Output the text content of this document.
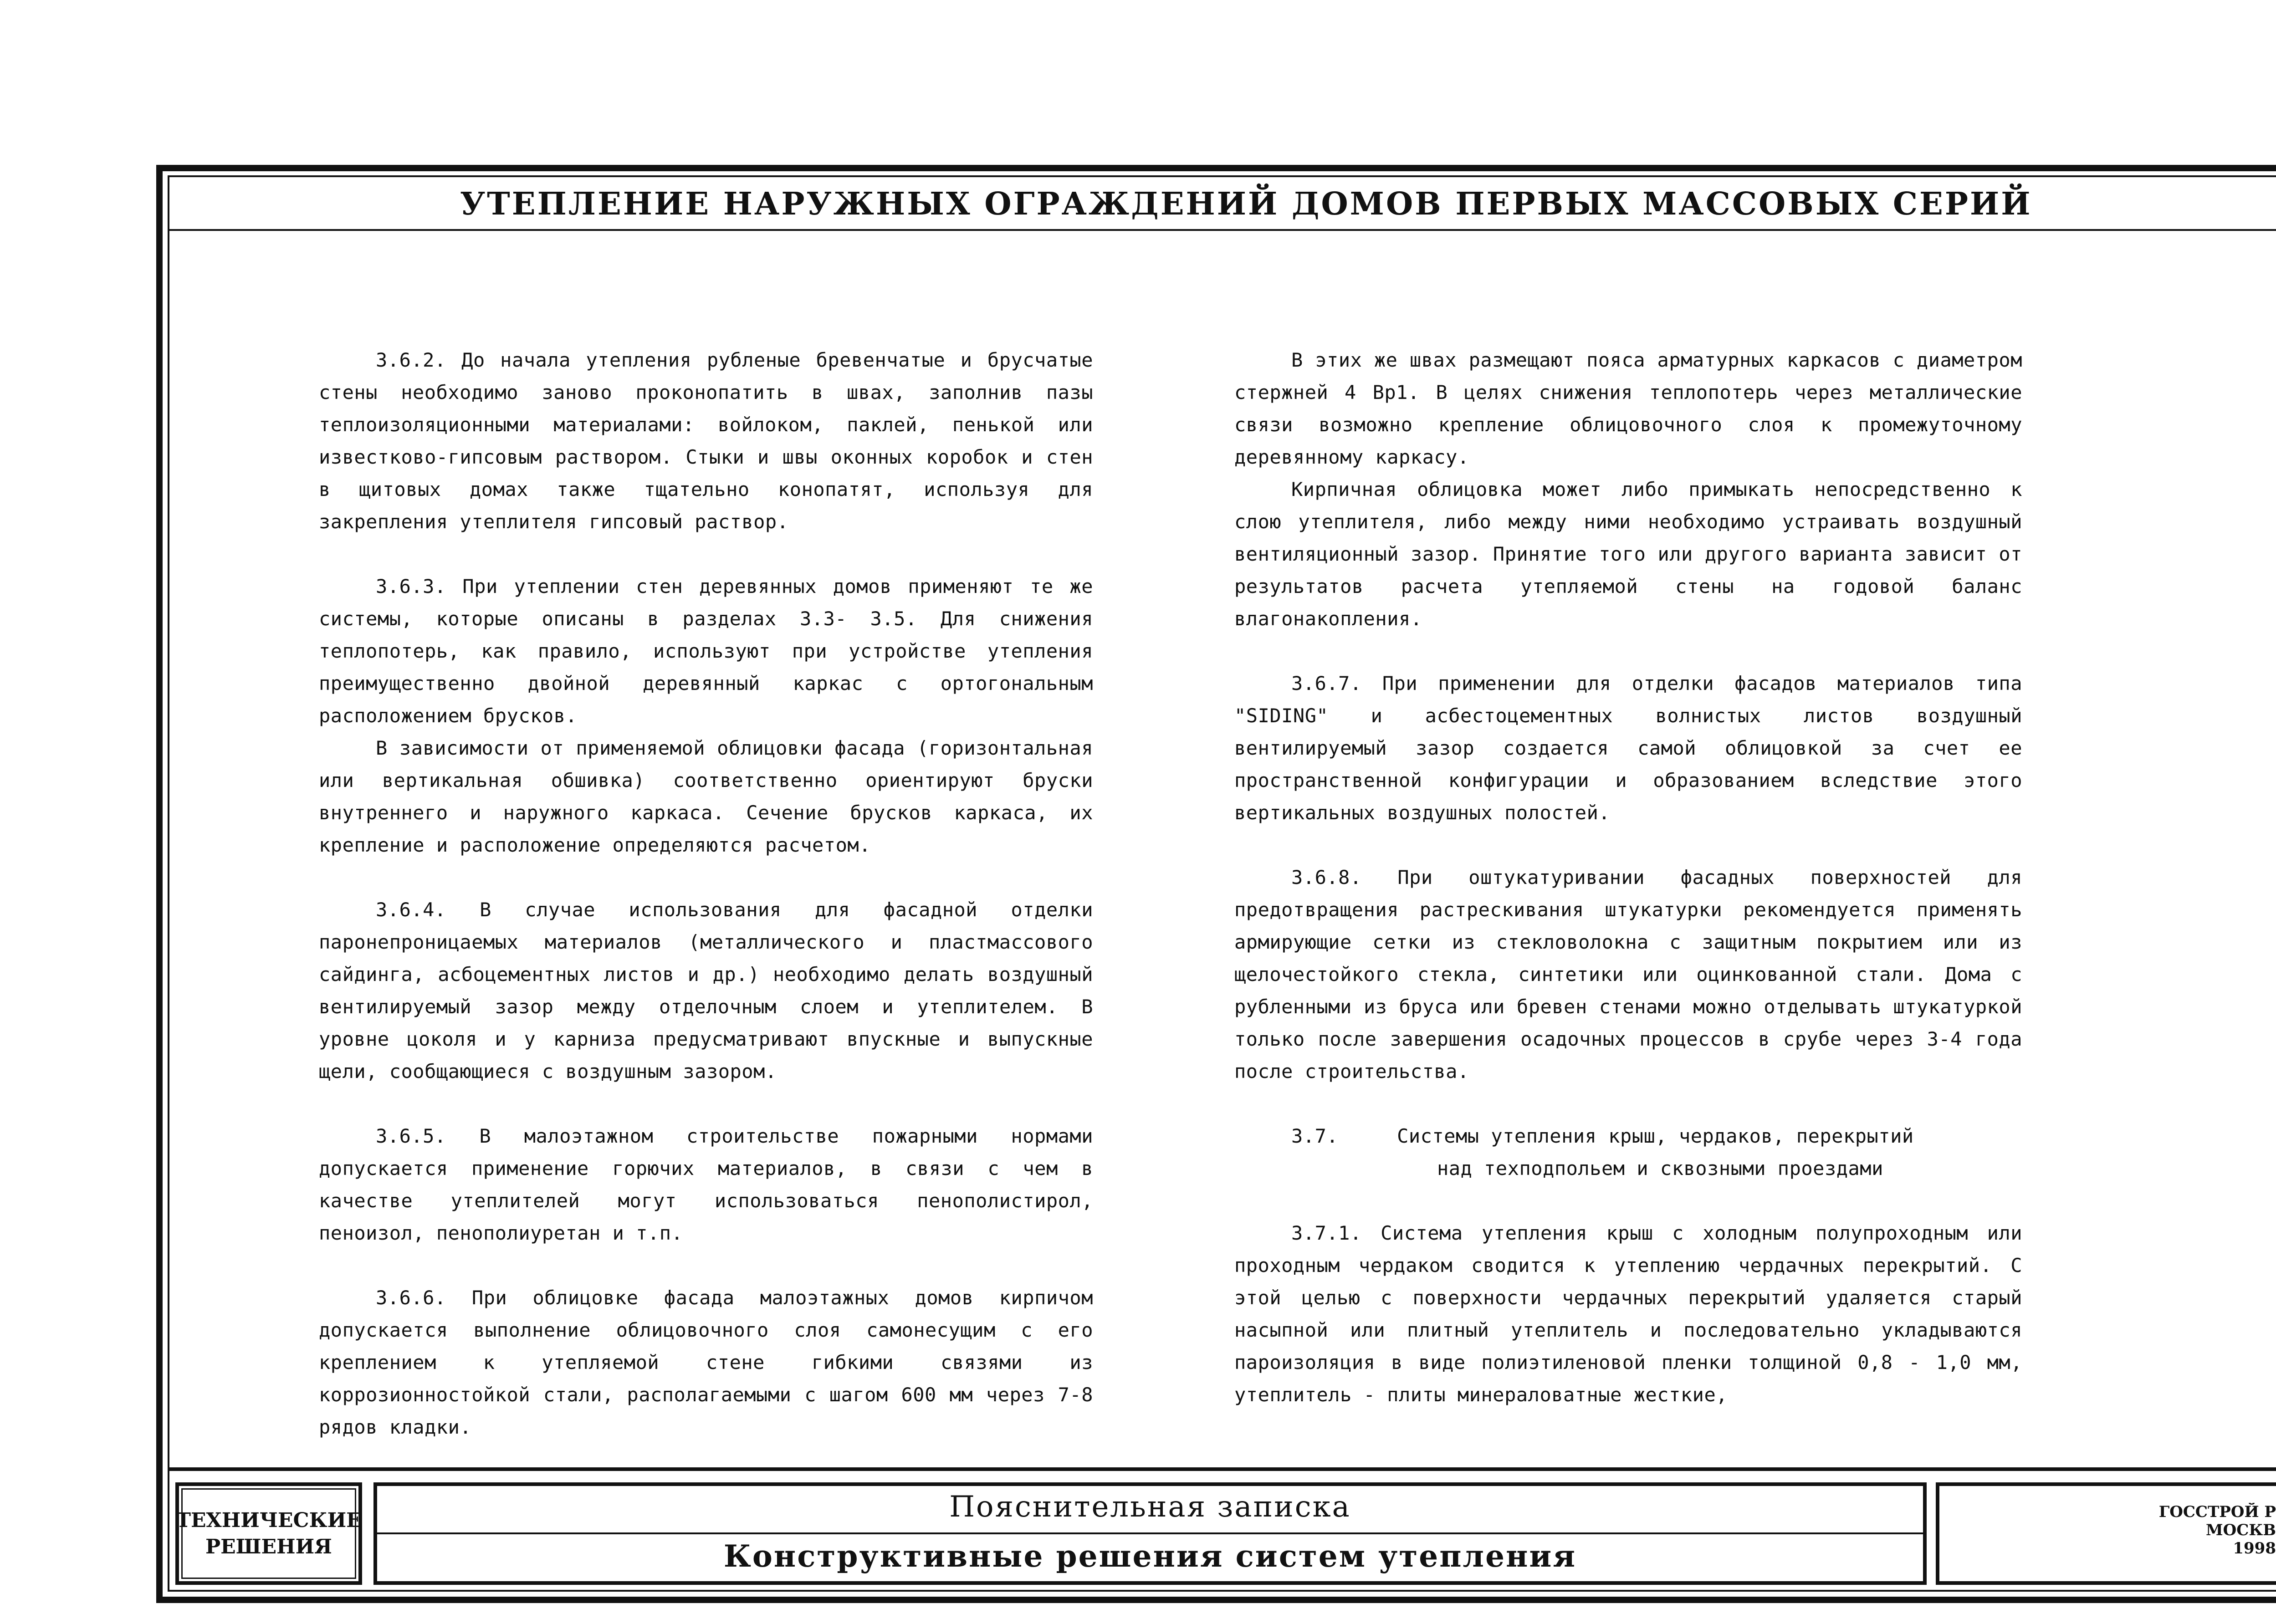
УТЕПЛЕНИЕ НАРУЖНЫХ ОГРАЖДЕНИЙ ДОМОВ ПЕРВЫХ МАССОВЫХ СЕРИЙ

3.6.2. До начала утепления рубленые бревенчатые и брусчатые стены необходимо заново проконопатить в швах, заполнив пазы теплоизоляционными материалами: войлоком, паклей, пенькой или известково-гипсовым раствором. Стыки и швы оконных коробок и стен в щитовых домах также тщательно конопатят, используя для закрепления утеплителя гипсовый раствор.

3.6.3. При утеплении стен деревянных домов применяют те же системы, которые описаны в разделах 3.3- 3.5. Для снижения теплопотерь, как правило, используют при устройстве утепления преимущественно двойной деревянный каркас с ортогональным расположением брусков.

В зависимости от применяемой облицовки фасада (горизонтальная или вертикальная обшивка) соответственно ориентируют бруски внутреннего и наружного каркаса. Сечение брусков каркаса, их крепление и расположение определяются расчетом.

3.6.4. В случае использования для фасадной отделки паронепроницаемых материалов (металлического и пластмассового сайдинга, асбоцементных листов и др.) необходимо делать воздушный вентилируемый зазор между отделочным слоем и утеплителем. В уровне цоколя и у карниза предусматривают впускные и выпускные щели, сообщающиеся с воздушным зазором.

3.6.5. В малоэтажном строительстве пожарными нормами допускается применение горючих материалов, в связи с чем в качестве утеплителей могут использоваться пенополистирол, пеноизол, пенополиуретан и т.п.

3.6.6. При облицовке фасада малоэтажных домов кирпичом допускается выполнение облицовочного слоя самонесущим с его креплением к утепляемой стене гибкими связями из коррозионностойкой стали, располагаемыми с шагом 600 мм через 7-8 рядов кладки.

В этих же швах размещают пояса арматурных каркасов с диаметром стержней 4 Вр1. В целях снижения теплопотерь через металлические связи возможно крепление облицовочного слоя к промежуточному деревянному каркасу.

Кирпичная облицовка может либо примыкать непосредственно к слою утеплителя, либо между ними необходимо устраивать воздушный вентиляционный зазор. Принятие того или другого варианта зависит от результатов расчета утепляемой стены на годовой баланс влагонакопления.

3.6.7. При применении для отделки фасадов материалов типа "SIDING" и асбестоцементных волнистых листов воздушный вентилируемый зазор создается самой облицовкой за счет ее пространственной конфигурации и образованием вследствие этого вертикальных воздушных полостей.

3.6.8. При оштукатуривании фасадных поверхностей для предотвращения растрескивания штукатурки рекомендуется применять армирующие сетки из стекловолокна с защитным покрытием или из щелочестойкого стекла, синтетики или оцинкованной стали. Дома с рубленными из бруса или бревен стенами можно отделывать штукатуркой только после завершения осадочных процессов в срубе через 3-4 года после строительства.

3.7.     Системы утепления крыш, чердаков, перекрытий
над техподпольем и сквозными проездами

3.7.1. Система утепления крыш с холодным полупроходным или проходным чердаком сводится к утеплению чердачных перекрытий. С этой целью с поверхности чердачных перекрытий удаляется старый насыпной или плитный утеплитель и последовательно укладываются пароизоляция в виде полиэтиленовой пленки толщиной 0,8 - 1,0 мм, утеплитель - плиты минераловатные жесткие,

ТЕХНИЧЕСКИЕ
РЕШЕНИЯ
Пояснительная записка
Конструктивные решения систем утепления
ГОССТРОЙ Р
МОСКВ
1998
